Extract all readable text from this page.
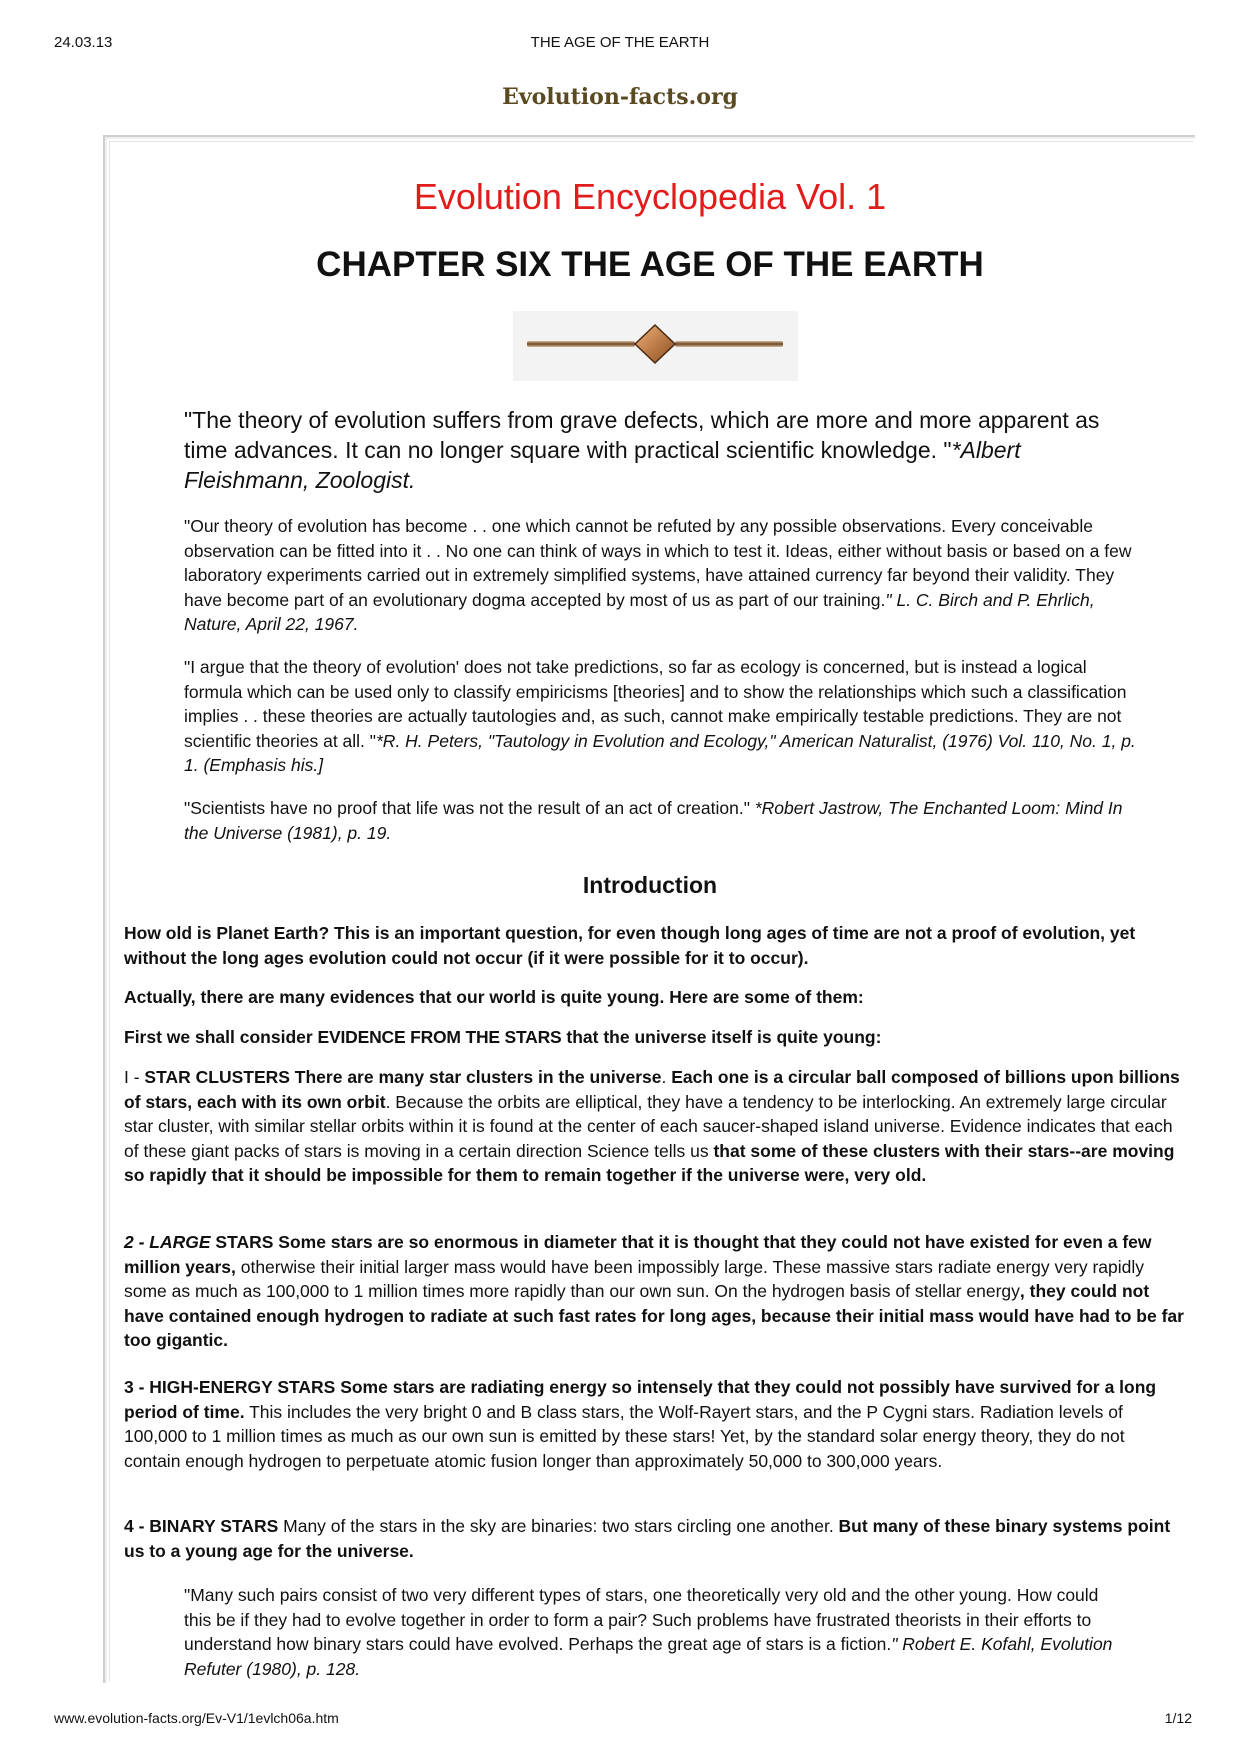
24.03.13	THE AGE OF THE EARTH
Evolution-facts.org
Evolution Encyclopedia Vol. 1
CHAPTER SIX THE AGE OF THE EARTH
"The theory of evolution suffers from grave defects, which are more and more apparent as time advances. It can no longer square with practical scientific knowledge. "*Albert Fleishmann, Zoologist.
"Our theory of evolution has become . . one which cannot be refuted by any possible observations. Every conceivable observation can be fitted into it . . No one can think of ways in which to test it. Ideas, either without basis or based on a few laboratory experiments carried out in extremely simplified systems, have attained currency far beyond their validity. They have become part of an evolutionary dogma accepted by most of us as part of our training." L. C. Birch and P. Ehrlich, Nature, April 22, 1967.
"I argue that the theory of evolution' does not take predictions, so far as ecology is concerned, but is instead a logical formula which can be used only to classify empiricisms [theories] and to show the relationships which such a classification implies . . these theories are actually tautologies and, as such, cannot make empirically testable predictions. They are not scientific theories at all. "*R. H. Peters, "Tautology in Evolution and Ecology," American Naturalist, (1976) Vol. 110, No. 1, p. 1. (Emphasis his.]
"Scientists have no proof that life was not the result of an act of creation." *Robert Jastrow, The Enchanted Loom: Mind In the Universe (1981), p. 19.
Introduction
How old is Planet Earth? This is an important question, for even though long ages of time are not a proof of evolution, yet without the long ages evolution could not occur (if it were possible for it to occur).
Actually, there are many evidences that our world is quite young. Here are some of them:
First we shall consider EVIDENCE FROM THE STARS that the universe itself is quite young:
I - STAR CLUSTERS There are many star clusters in the universe. Each one is a circular ball composed of billions upon billions of stars, each with its own orbit. Because the orbits are elliptical, they have a tendency to be interlocking. An extremely large circular star cluster, with similar stellar orbits within it is found at the center of each saucer-shaped island universe. Evidence indicates that each of these giant packs of stars is moving in a certain direction Science tells us that some of these clusters with their stars--are moving so rapidly that it should be impossible for them to remain together if the universe were, very old.
2 - LARGE STARS Some stars are so enormous in diameter that it is thought that they could not have existed for even a few million years, otherwise their initial larger mass would have been impossibly large. These massive stars radiate energy very rapidly some as much as 100,000 to 1 million times more rapidly than our own sun. On the hydrogen basis of stellar energy, they could not have contained enough hydrogen to radiate at such fast rates for long ages, because their initial mass would have had to be far too gigantic.
3 - HIGH-ENERGY STARS Some stars are radiating energy so intensely that they could not possibly have survived for a long period of time. This includes the very bright 0 and B class stars, the Wolf-Rayert stars, and the P Cygni stars. Radiation levels of 100,000 to 1 million times as much as our own sun is emitted by these stars! Yet, by the standard solar energy theory, they do not contain enough hydrogen to perpetuate atomic fusion longer than approximately 50,000 to 300,000 years.
4 - BINARY STARS Many of the stars in the sky are binaries: two stars circling one another. But many of these binary systems point us to a young age for the universe.
"Many such pairs consist of two very different types of stars, one theoretically very old and the other young. How could this be if they had to evolve together in order to form a pair? Such problems have frustrated theorists in their efforts to understand how binary stars could have evolved. Perhaps the great age of stars is a fiction." Robert E. Kofahl, Evolution Refuter (1980), p. 128.
www.evolution-facts.org/Ev-V1/1evlch06a.htm	1/12
